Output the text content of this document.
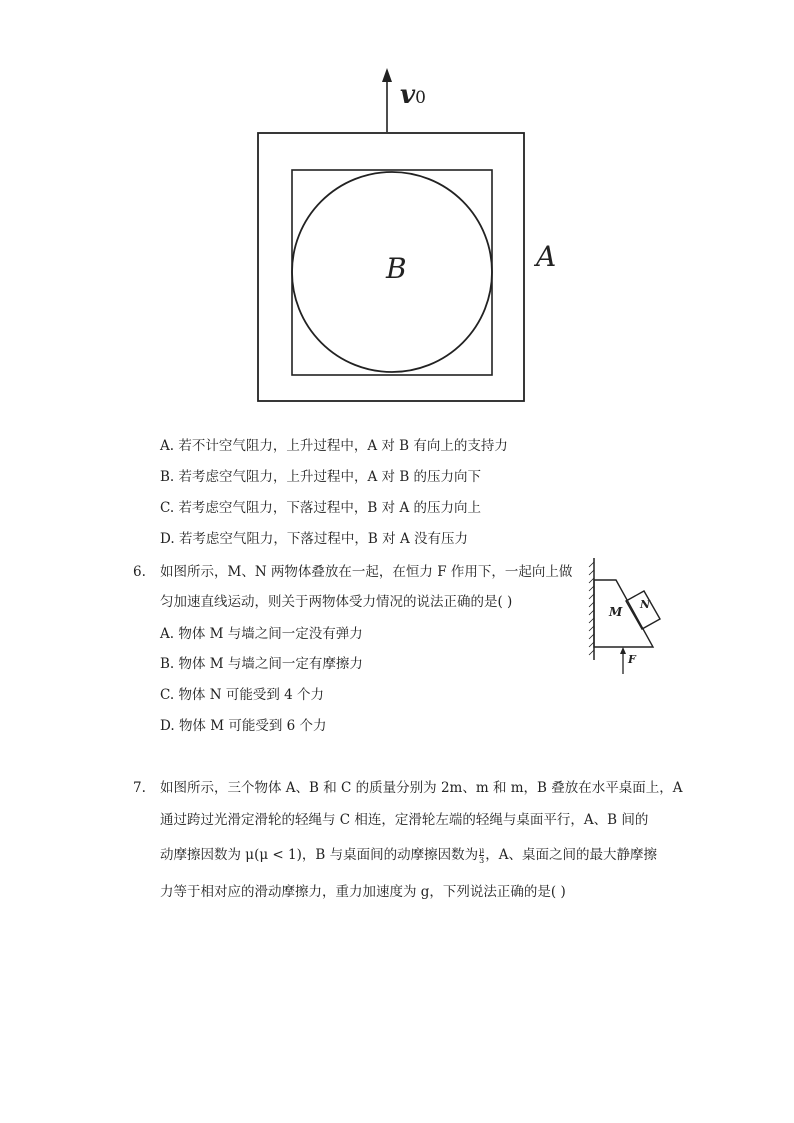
v0
A
B
A. 若不计空气阻力，上升过程中，A 对 B 有向上的支持力
B. 若考虑空气阻力，上升过程中，A 对 B 的压力向下
C. 若考虑空气阻力，下落过程中，B 对 A 的压力向上
D. 若考虑空气阻力，下落过程中，B 对 A 没有压力
6. 如图所示，M、N 两物体叠放在一起，在恒力 F 作用下，一起向上做
匀加速直线运动，则关于两物体受力情况的说法正确的是( )
A. 物体 M 与墙之间一定没有弹力
B. 物体 M 与墙之间一定有摩擦力
C. 物体 N 可能受到 4 个力
D. 物体 M 可能受到 6 个力
M
N
F
7. 如图所示，三个物体 A、B 和 C 的质量分别为 2m、m 和 m，B 叠放在水平桌面上，A
通过跨过光滑定滑轮的轻绳与 C 相连，定滑轮左端的轻绳与桌面平行，A、B 间的
动摩擦因数为 μ(μ < 1)，B 与桌面间的动摩擦因数为 $\frac{\mu}{3}$ ，A、桌面之间的最大静摩擦
力等于相对应的滑动摩擦力，重力加速度为 g，下列说法正确的是( )
